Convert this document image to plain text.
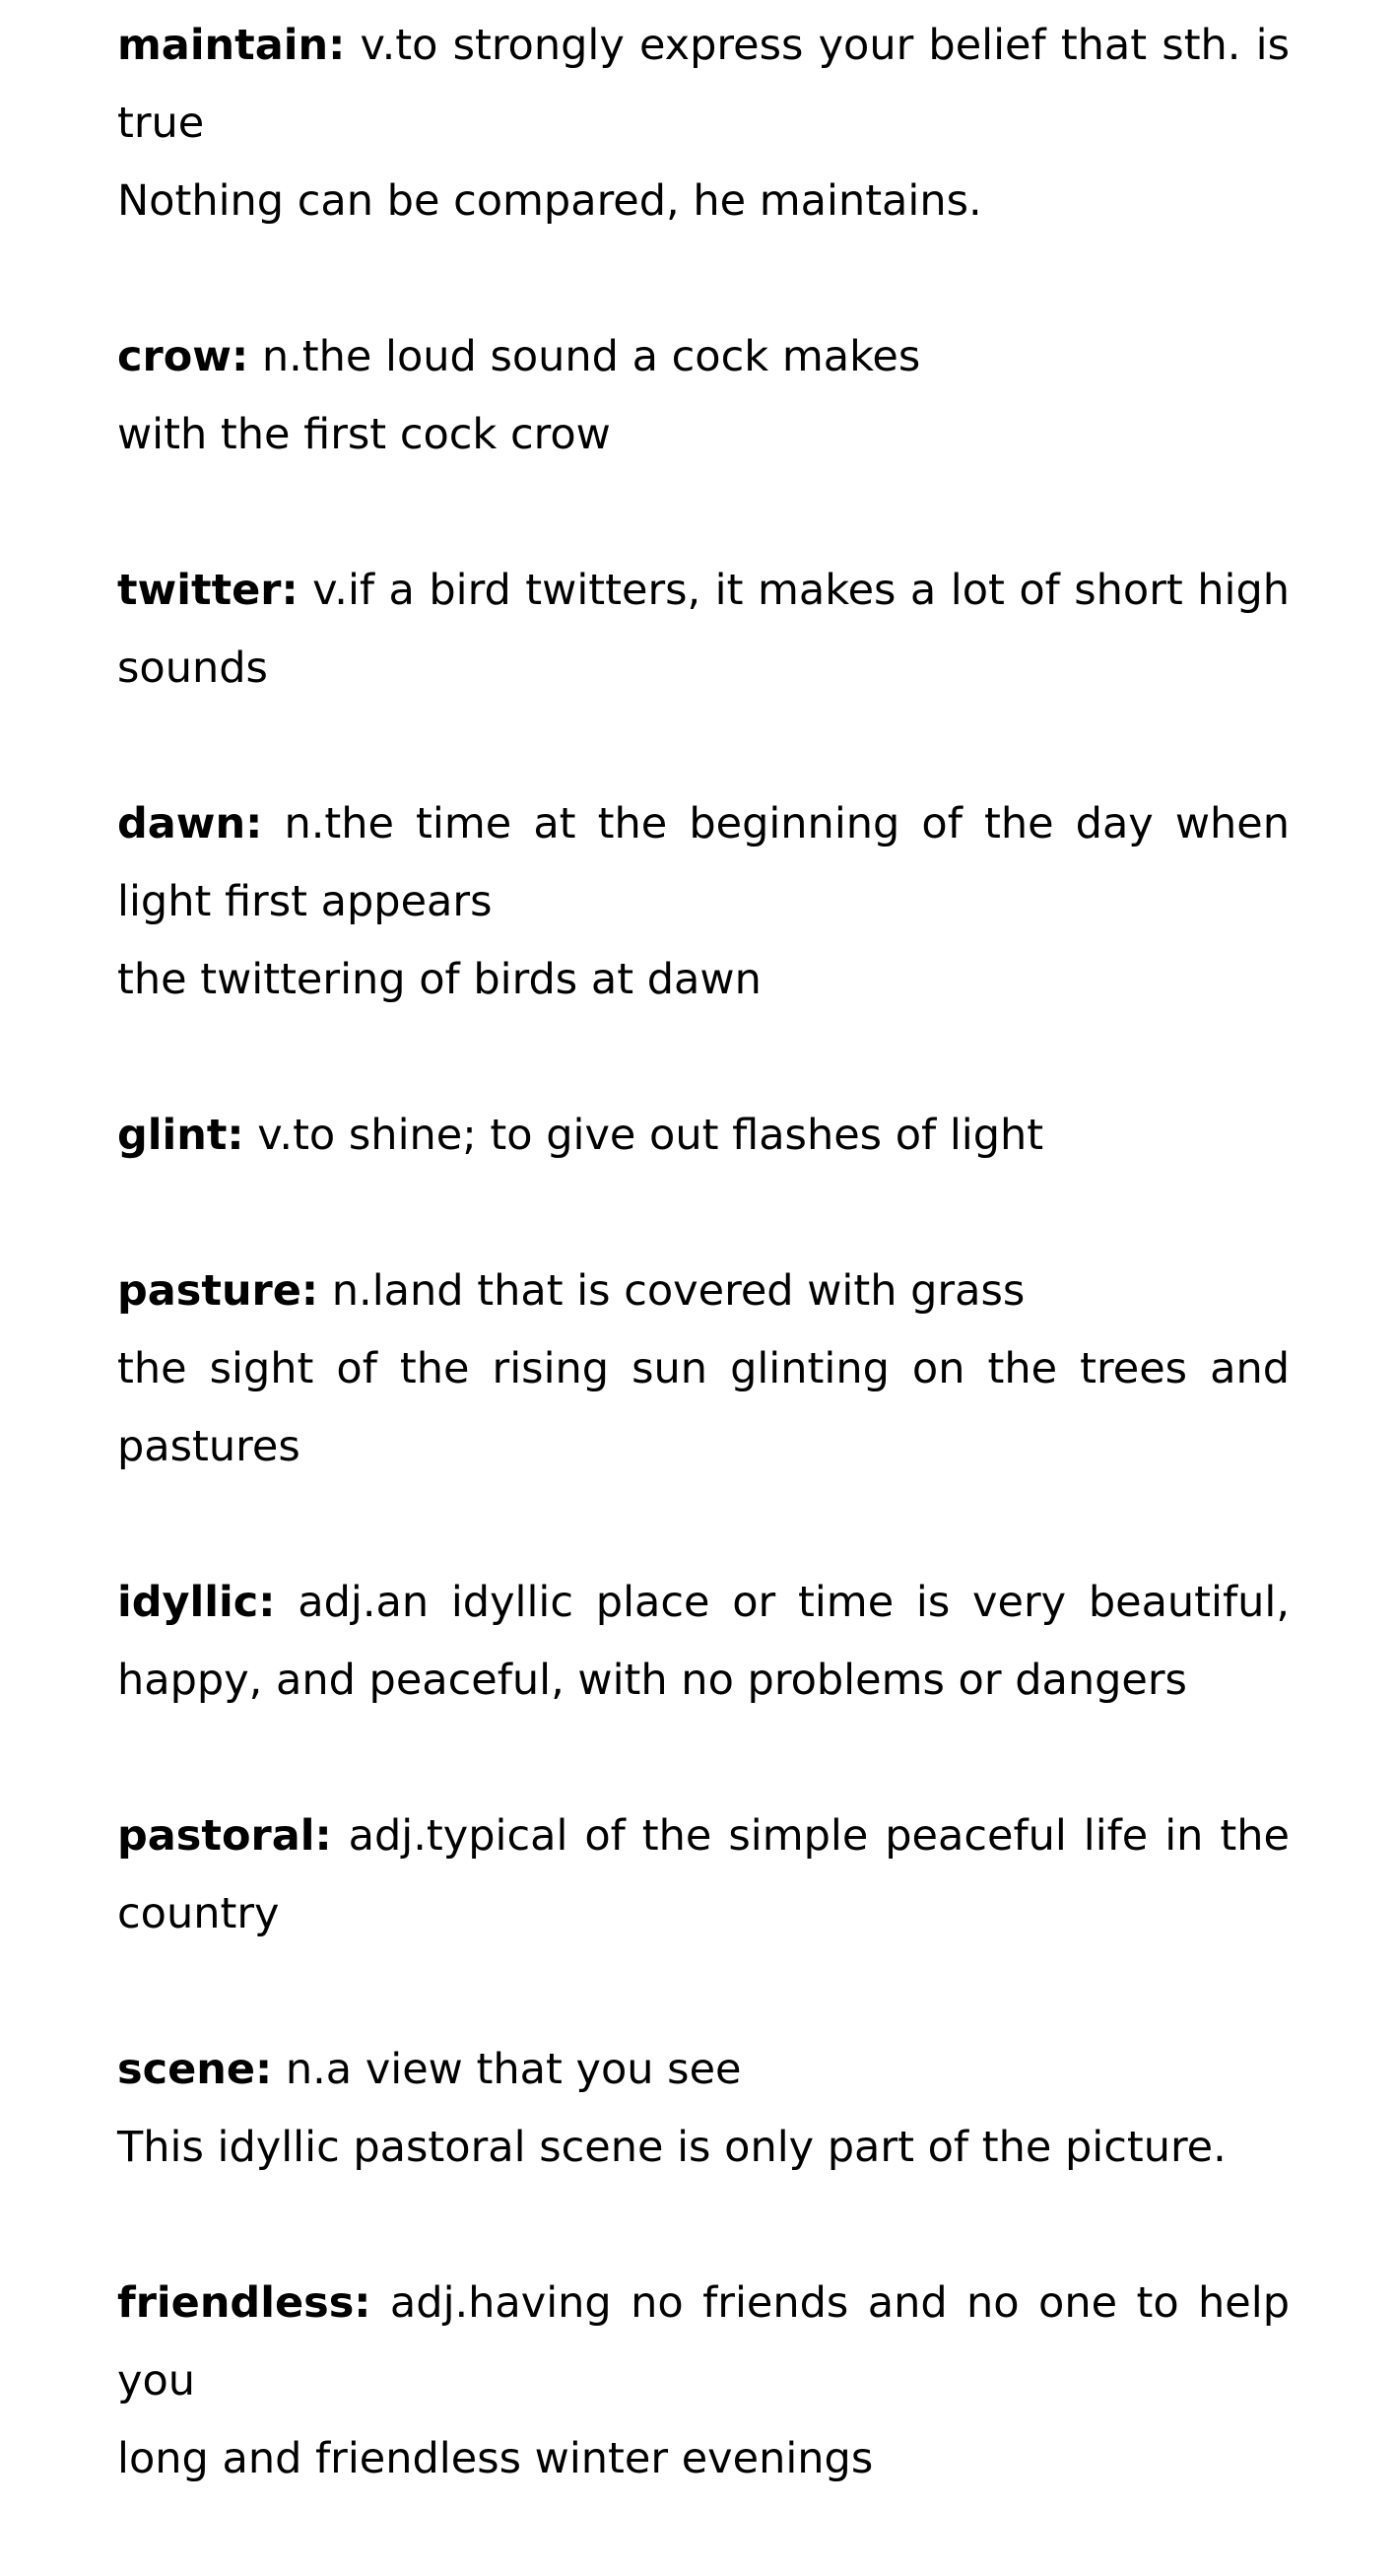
maintain: v.to strongly express your belief that sth. is true

Nothing can be compared, he maintains.

crow: n.the loud sound a cock makes

with the first cock crow

twitter: v.if a bird twitters, it makes a lot of short high sounds

dawn: n.the time at the beginning of the day when light first appears

the twittering of birds at dawn

glint: v.to shine; to give out flashes of light

pasture: n.land that is covered with grass

the sight of the rising sun glinting on the trees and pastures

idyllic: adj.an idyllic place or time is very beautiful, happy, and peaceful, with no problems or dangers

pastoral: adj.typical of the simple peaceful life in the country

scene: n.a view that you see

This idyllic pastoral scene is only part of the picture.

friendless: adj.having no friends and no one to help you

long and friendless winter evenings
